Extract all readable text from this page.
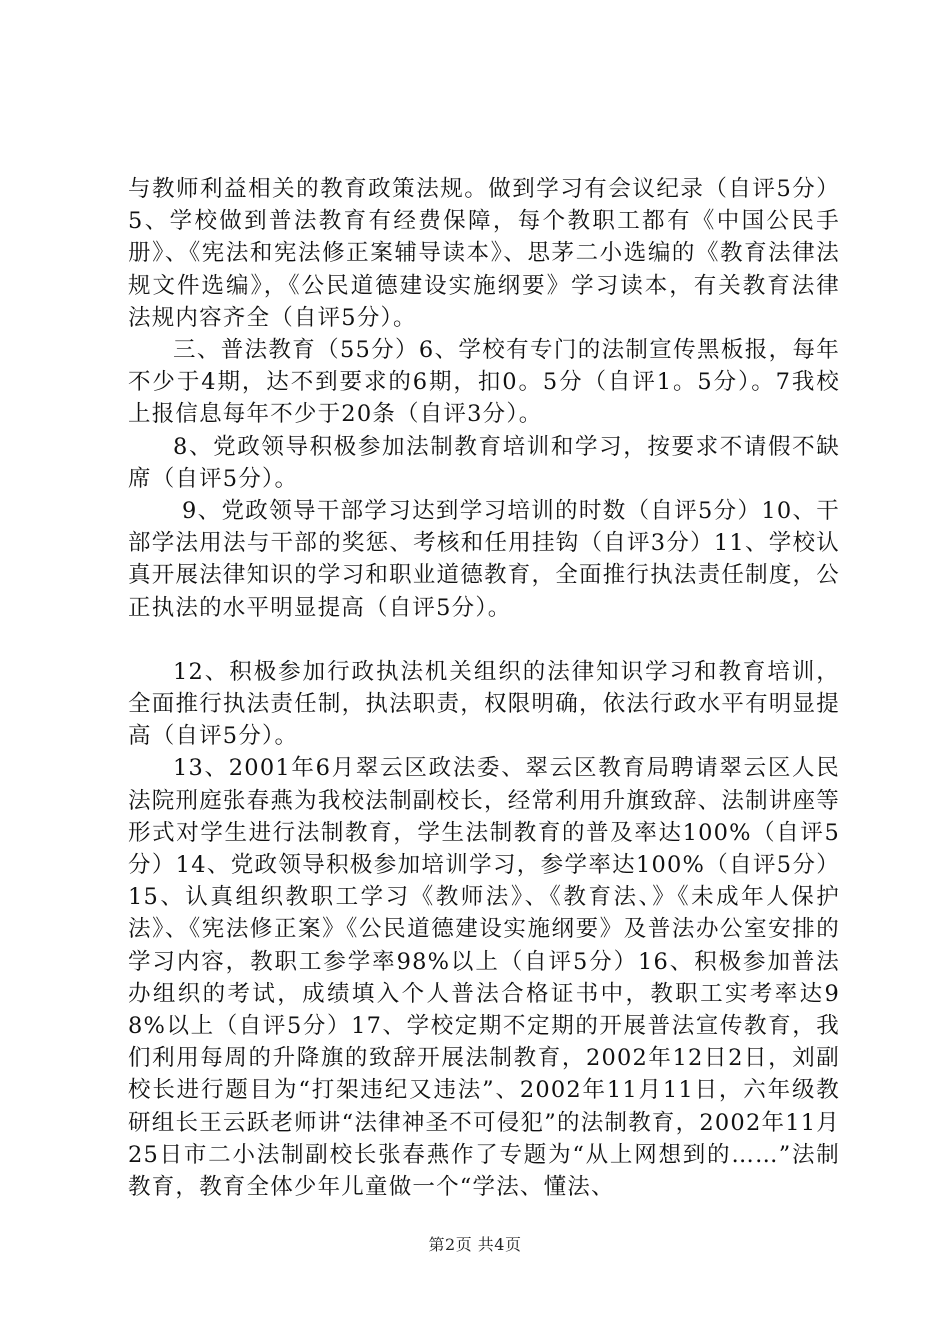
与教师利益相关的教育政策法规。做到学习有会议纪录（自评5分）5、学校做到普法教育有经费保障，每个教职工都有《中国公民手册》、《宪法和宪法修正案辅导读本》、思茅二小选编的《教育法律法规文件选编》，《公民道德建设实施纲要》学习读本，有关教育法律法规内容齐全（自评5分）。

三、普法教育（55分）6、学校有专门的法制宣传黑板报，每年不少于4期，达不到要求的6期，扣0。5分（自评1。5分）。7我校上报信息每年不少于20条（自评3分）。

8、党政领导积极参加法制教育培训和学习，按要求不请假不缺席（自评5分）。

9、党政领导干部学习达到学习培训的时数（自评5分）10、干部学法用法与干部的奖惩、考核和任用挂钩（自评3分）11、学校认真开展法律知识的学习和职业道德教育，全面推行执法责任制度，公正执法的水平明显提高（自评5分）。

12、积极参加行政执法机关组织的法律知识学习和教育培训，全面推行执法责任制，执法职责，权限明确，依法行政水平有明显提高（自评5分）。

13、2001年6月翠云区政法委、翠云区教育局聘请翠云区人民法院刑庭张春燕为我校法制副校长，经常利用升旗致辞、法制讲座等形式对学生进行法制教育，学生法制教育的普及率达100%（自评5分）14、党政领导积极参加培训学习，参学率达100%（自评5分）15、认真组织教职工学习《教师法》、《教育法、》《未成年人保护法》、《宪法修正案》《公民道德建设实施纲要》及普法办公室安排的学习内容，教职工参学率98%以上（自评5分）16、积极参加普法办组织的考试，成绩填入个人普法合格证书中，教职工实考率达98%以上（自评5分）17、学校定期不定期的开展普法宣传教育，我们利用每周的升降旗的致辞开展法制教育，2002年12日2日，刘副校长进行题目为“打架违纪又违法”、2002年11月11日，六年级教研组长王云跃老师讲“法律神圣不可侵犯”的法制教育，2002年11月25日市二小法制副校长张春燕作了专题为“从上网想到的……”法制教育，教育全体少年儿童做一个“学法、懂法、

第2页 共4页
